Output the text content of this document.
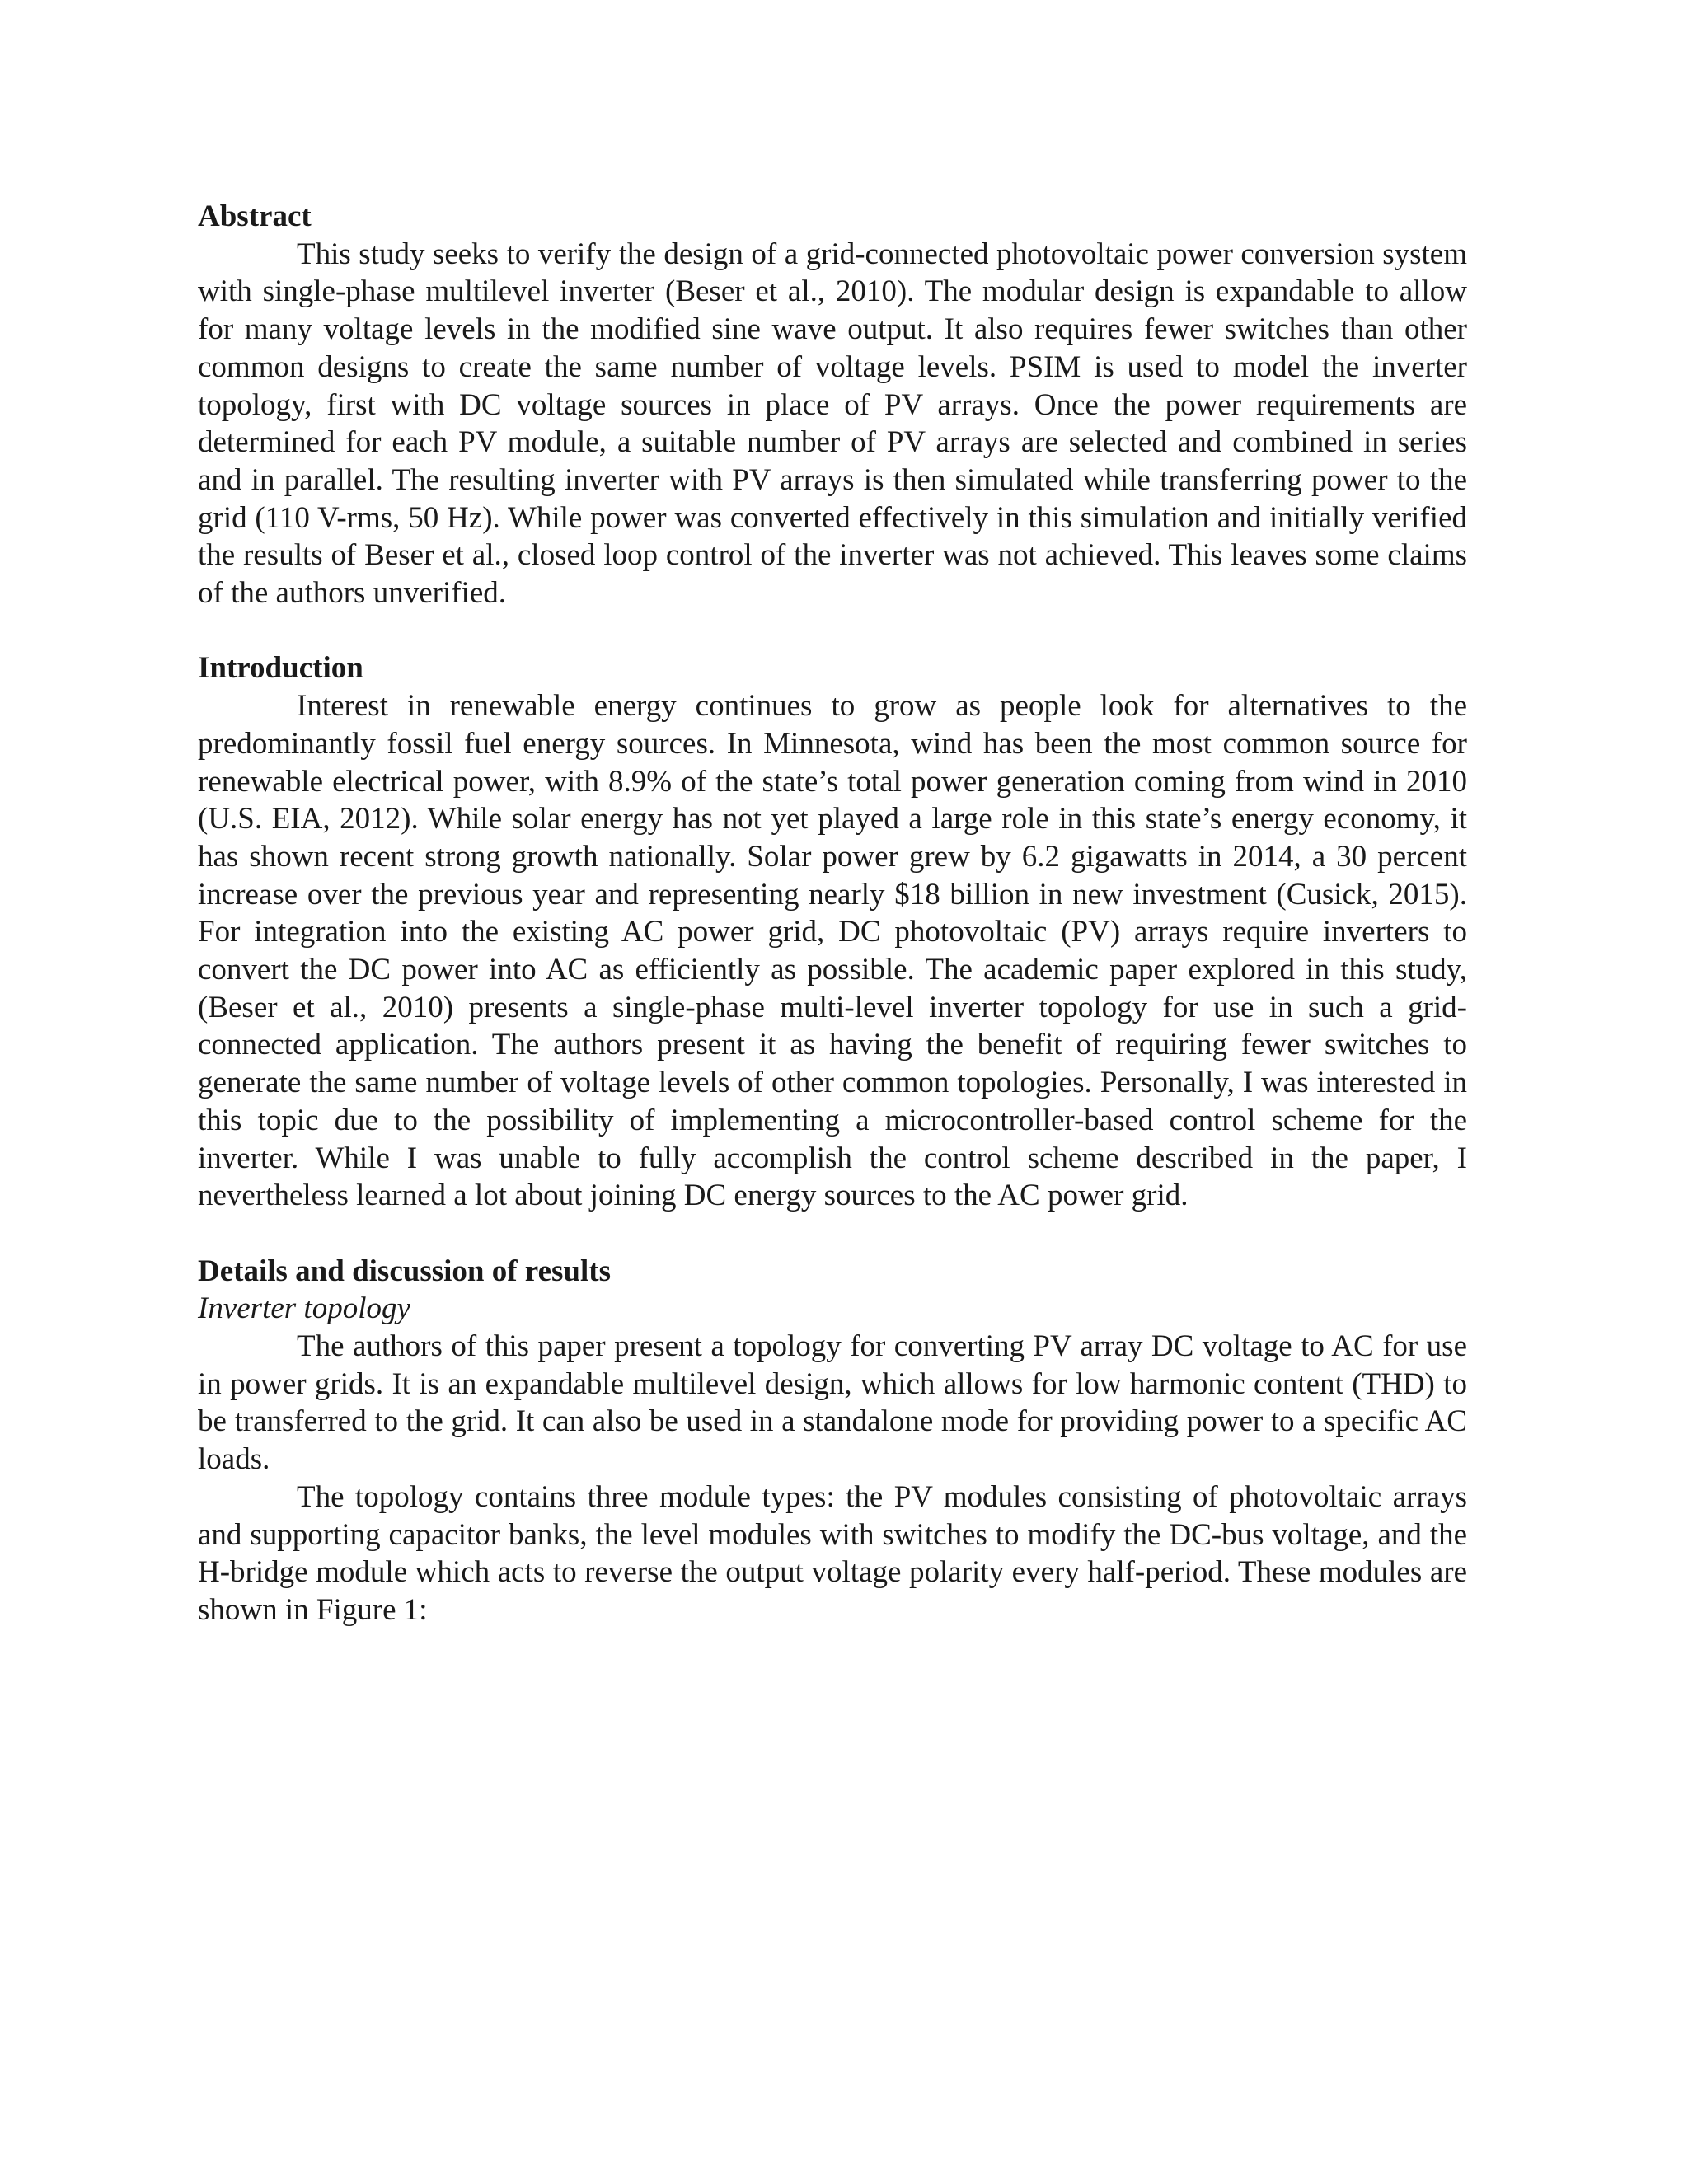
Abstract

This study seeks to verify the design of a grid-connected photovoltaic power conversion system with single-phase multilevel inverter (Beser et al., 2010). The modular design is expandable to allow for many voltage levels in the modified sine wave output. It also requires fewer switches than other common designs to create the same number of voltage levels. PSIM is used to model the inverter topology, first with DC voltage sources in place of PV arrays. Once the power requirements are determined for each PV module, a suitable number of PV arrays are selected and combined in series and in parallel. The resulting inverter with PV arrays is then simulated while transferring power to the grid (110 V-rms, 50 Hz). While power was converted effectively in this simulation and initially verified the results of Beser et al., closed loop control of the inverter was not achieved. This leaves some claims of the authors unverified.

Introduction

Interest in renewable energy continues to grow as people look for alternatives to the predominantly fossil fuel energy sources. In Minnesota, wind has been the most common source for renewable electrical power, with 8.9% of the state’s total power generation coming from wind in 2010 (U.S. EIA, 2012). While solar energy has not yet played a large role in this state’s energy economy, it has shown recent strong growth nationally. Solar power grew by 6.2 gigawatts in 2014, a 30 percent increase over the previous year and representing nearly $18 billion in new investment (Cusick, 2015). For integration into the existing AC power grid, DC photovoltaic (PV) arrays require inverters to convert the DC power into AC as efficiently as possible. The academic paper explored in this study, (Beser et al., 2010) presents a single-phase multi-level inverter topology for use in such a grid-connected application. The authors present it as having the benefit of requiring fewer switches to generate the same number of voltage levels of other common topologies. Personally, I was interested in this topic due to the possibility of implementing a microcontroller-based control scheme for the inverter. While I was unable to fully accomplish the control scheme described in the paper, I nevertheless learned a lot about joining DC energy sources to the AC power grid.

Details and discussion of results
Inverter topology

The authors of this paper present a topology for converting PV array DC voltage to AC for use in power grids. It is an expandable multilevel design, which allows for low harmonic content (THD) to be transferred to the grid. It can also be used in a standalone mode for providing power to a specific AC loads.

The topology contains three module types: the PV modules consisting of photovoltaic arrays and supporting capacitor banks, the level modules with switches to modify the DC-bus voltage, and the H-bridge module which acts to reverse the output voltage polarity every half-period. These modules are shown in Figure 1:
